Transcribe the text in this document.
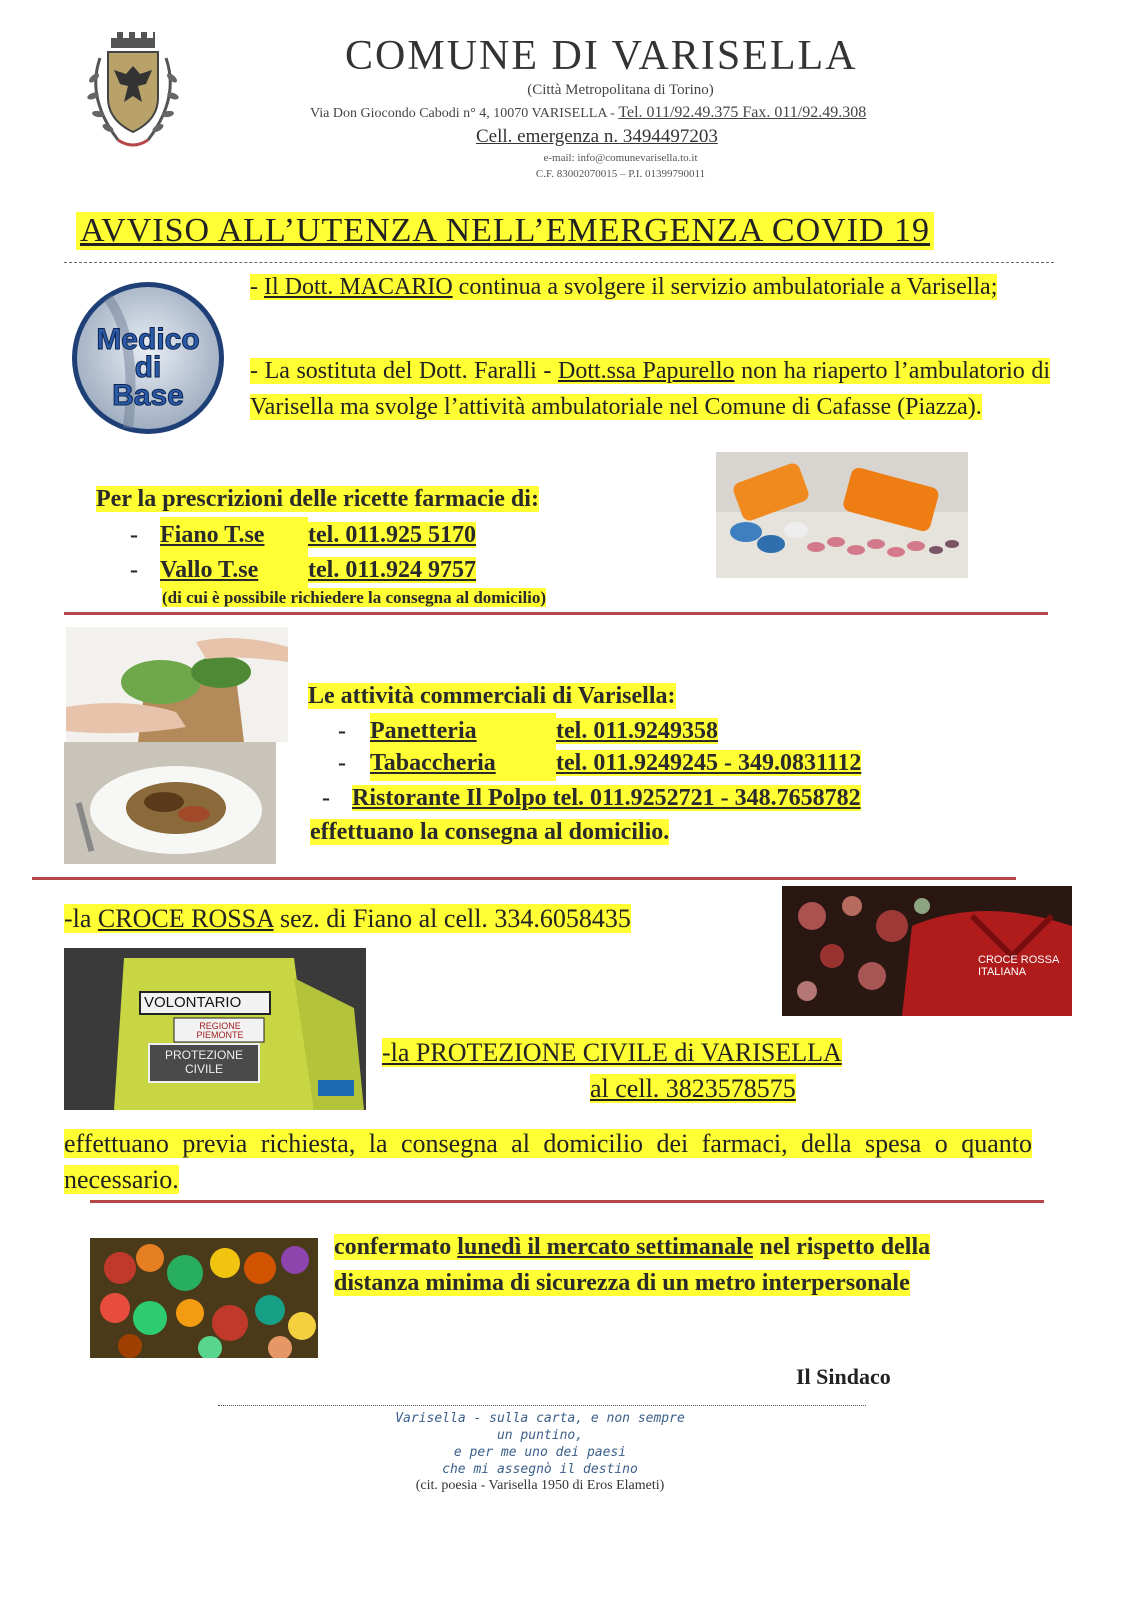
COMUNE DI VARISELLA
(Città Metropolitana di Torino)
Via Don Giocondo Cabodi n° 4, 10070 VARISELLA - Tel. 011/92.49.375 Fax. 011/92.49.308
Cell. emergenza n. 3494497203
e-mail: info@comunevarisella.to.it
C.F. 83002070015 – P.I. 01399790011
AVVISO ALL’UTENZA NELL’EMERGENZA COVID 19
Medico
di
Base
- Il Dott. MACARIO continua a svolgere il servizio ambulatoriale a Varisella;
- La sostituta del Dott. Faralli - Dott.ssa Papurello non ha riaperto l’ambulatorio di Varisella ma svolge l’attività ambulatoriale nel Comune di Cafasse (Piazza).
Per la prescrizioni delle ricette farmacie di:
- Fiano T.se tel. 011.925 5170
- Vallo T.se tel. 011.924 9757
(di cui è possibile richiedere la consegna al domicilio)
Le attività commerciali di Varisella:
- Panetteria	tel. 011.9249358
- Tabaccheria	tel. 011.9249245 - 349.0831112
- Ristorante Il Polpo tel. 011.9252721 - 348.7658782
effettuano la consegna al domicilio.
-la CROCE ROSSA sez. di Fiano al cell. 334.6058435
CROCE ROSSA ITALIANA
VOLONTARIO
REGIONE PIEMONTE
PROTEZIONE CIVILE
-la PROTEZIONE CIVILE di VARISELLA
al cell. 3823578575
effettuano previa richiesta, la consegna al domicilio dei farmaci, della spesa o quanto necessario.
confermato lunedì il mercato settimanale nel rispetto della distanza minima di sicurezza di un metro interpersonale
Il Sindaco
Varisella - sulla carta, e non sempre
un puntino,
e per me uno dei paesi
che mi assegnò il destino
(cit. poesia - Varisella 1950 di Eros Elameti)
